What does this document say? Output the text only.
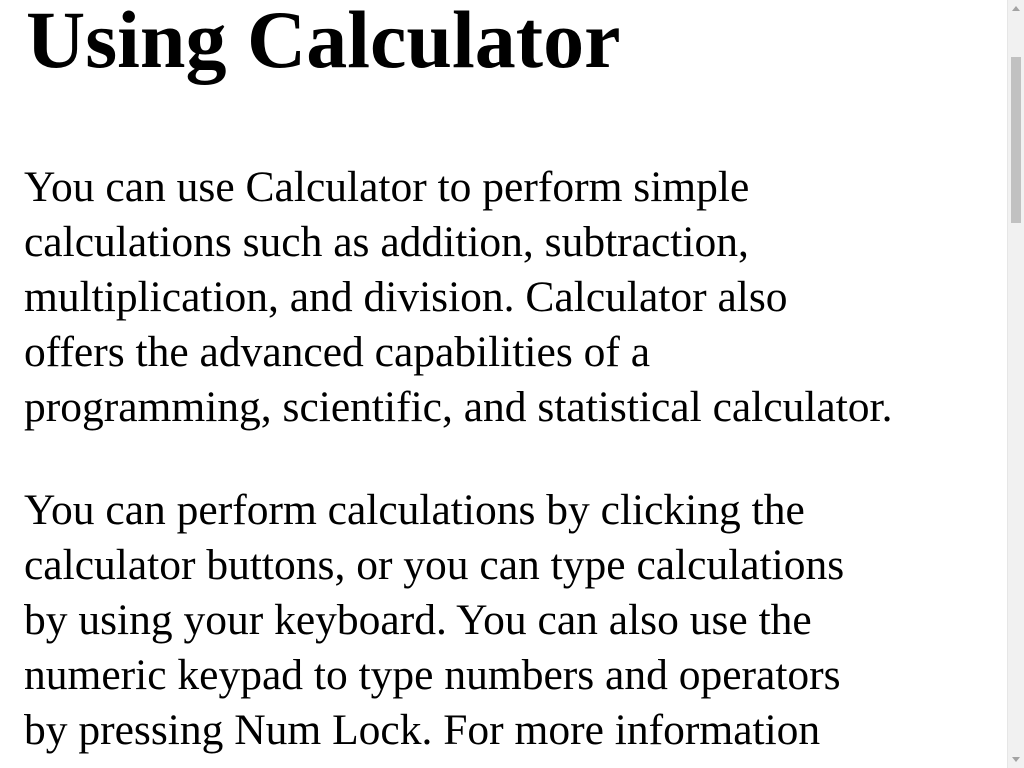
Using Calculator

You can use Calculator to perform simple
calculations such as addition, subtraction,
multiplication, and division. Calculator also
offers the advanced capabilities of a
programming, scientific, and statistical calculator.

You can perform calculations by clicking the
calculator buttons, or you can type calculations
by using your keyboard. You can also use the
numeric keypad to type numbers and operators
by pressing Num Lock. For more information
